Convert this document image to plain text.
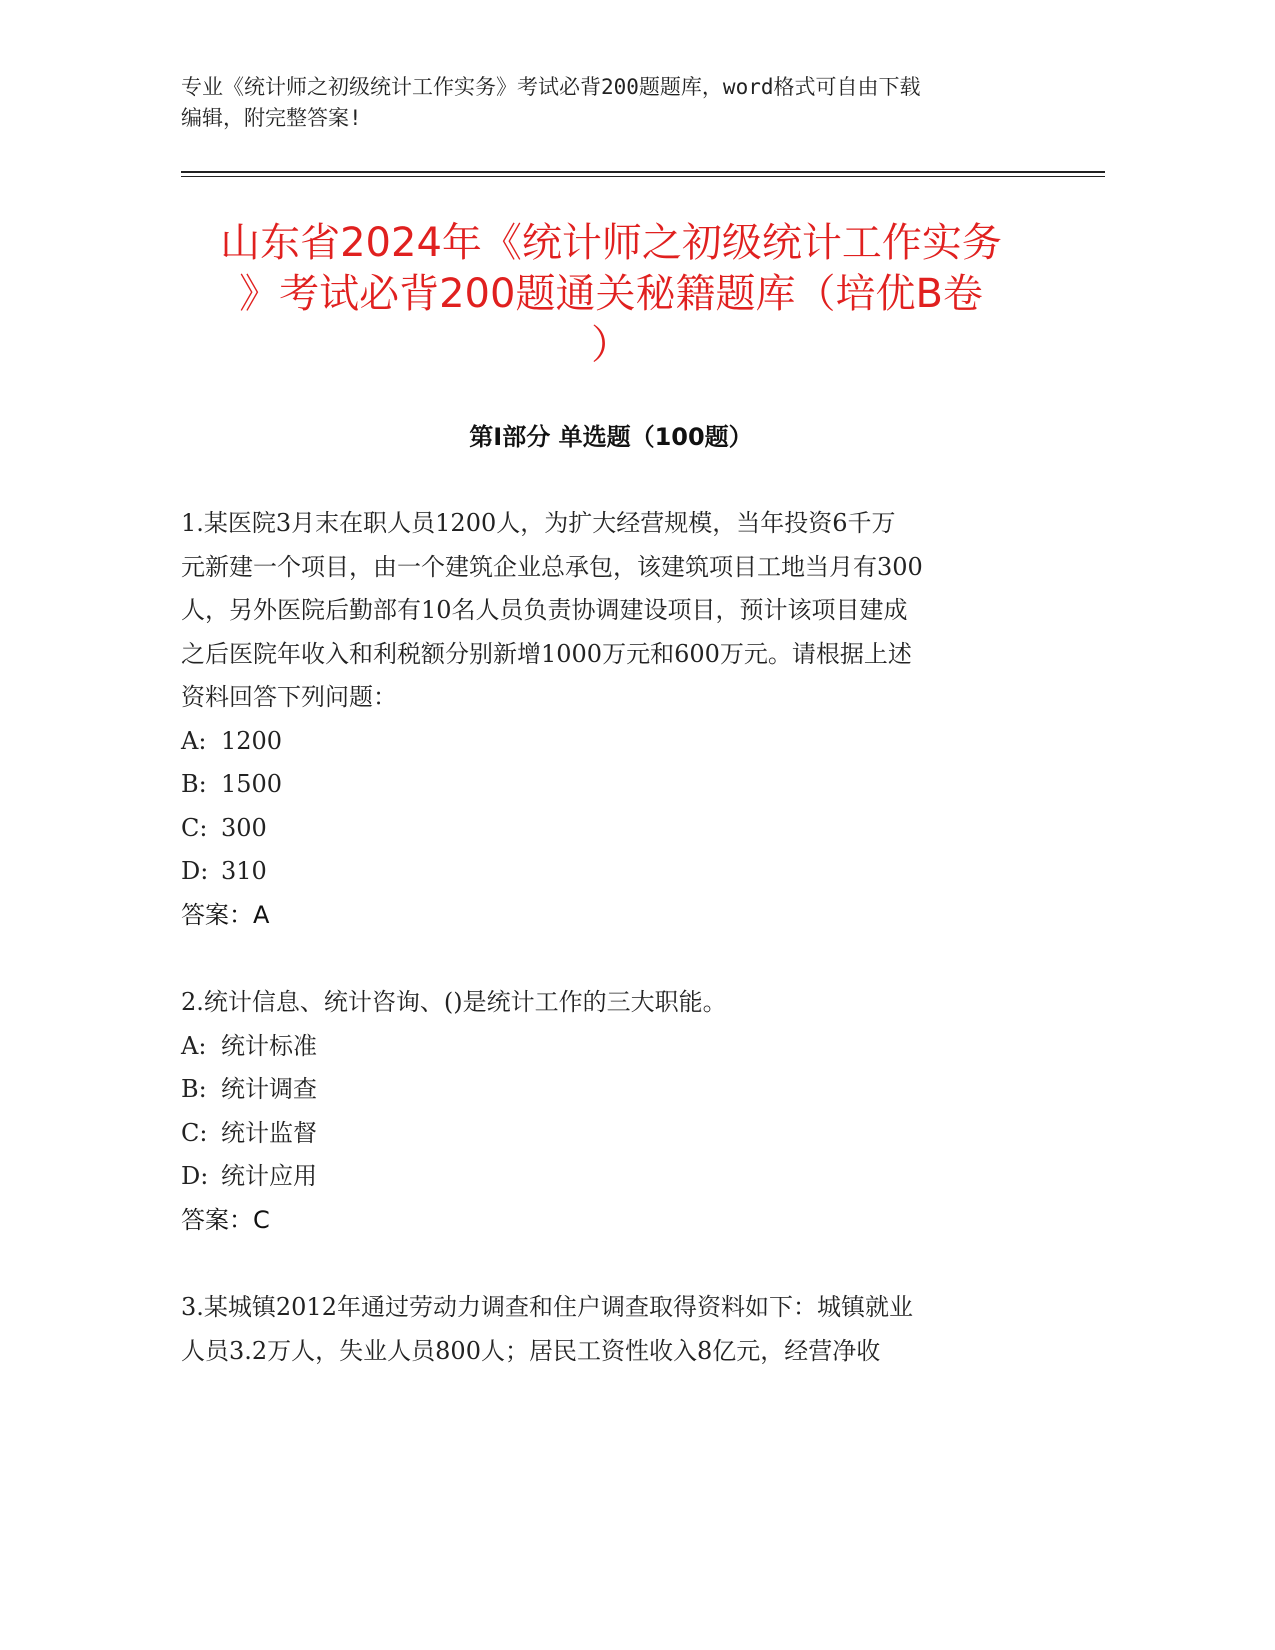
专业《统计师之初级统计工作实务》考试必背200题题库，word格式可自由下载
编辑，附完整答案!
山东省2024年《统计师之初级统计工作实务
》考试必背200题通关秘籍题库（培优B卷
）
第I部分 单选题（100题）

1.某医院3月末在职人员1200人，为扩大经营规模，当年投资6千万

元新建一个项目，由一个建筑企业总承包，该建筑项目工地当月有300

人，另外医院后勤部有10名人员负责协调建设项目，预计该项目建成

之后医院年收入和利税额分别新增1000万元和600万元。请根据上述

资料回答下列问题：

A: 1200

B: 1500

C: 300

D: 310

答案：A

2.统计信息、统计咨询、()是统计工作的三大职能。

A: 统计标准

B: 统计调查

C: 统计监督

D: 统计应用

答案：C

3.某城镇2012年通过劳动力调查和住户调查取得资料如下：城镇就业

人员3.2万人，失业人员800人；居民工资性收入8亿元，经营净收
